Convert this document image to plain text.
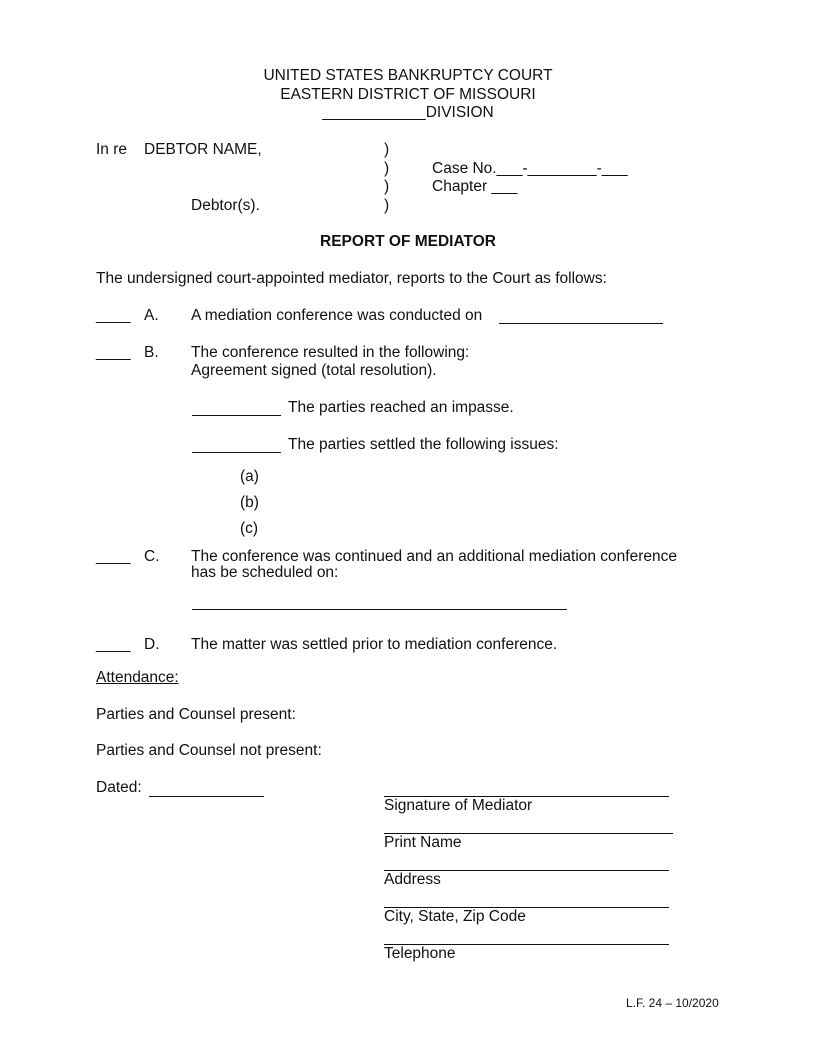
UNITED STATES BANKRUPTCY COURT
EASTERN DISTRICT OF MISSOURI
____________DIVISION
In re DEBTOR NAME,
Debtor(s).
)
)
)
)
Case No.___-________-___
Chapter ___
REPORT OF MEDIATOR
The undersigned court-appointed mediator, reports to the Court as follows:
____ A. A mediation conference was conducted on
____ B. The conference resulted in the following:
Agreement signed (total resolution).
The parties reached an impasse.
The parties settled the following issues:
(a)
(b)
(c)
____ C. The conference was continued and an additional mediation conference
has be scheduled on:
____ D. The matter was settled prior to mediation conference.
Attendance:
Parties and Counsel present:
Parties and Counsel not present:
Dated:
Signature of Mediator
Print Name
Address
City, State, Zip Code
Telephone
L.F. 24 – 10/2020
